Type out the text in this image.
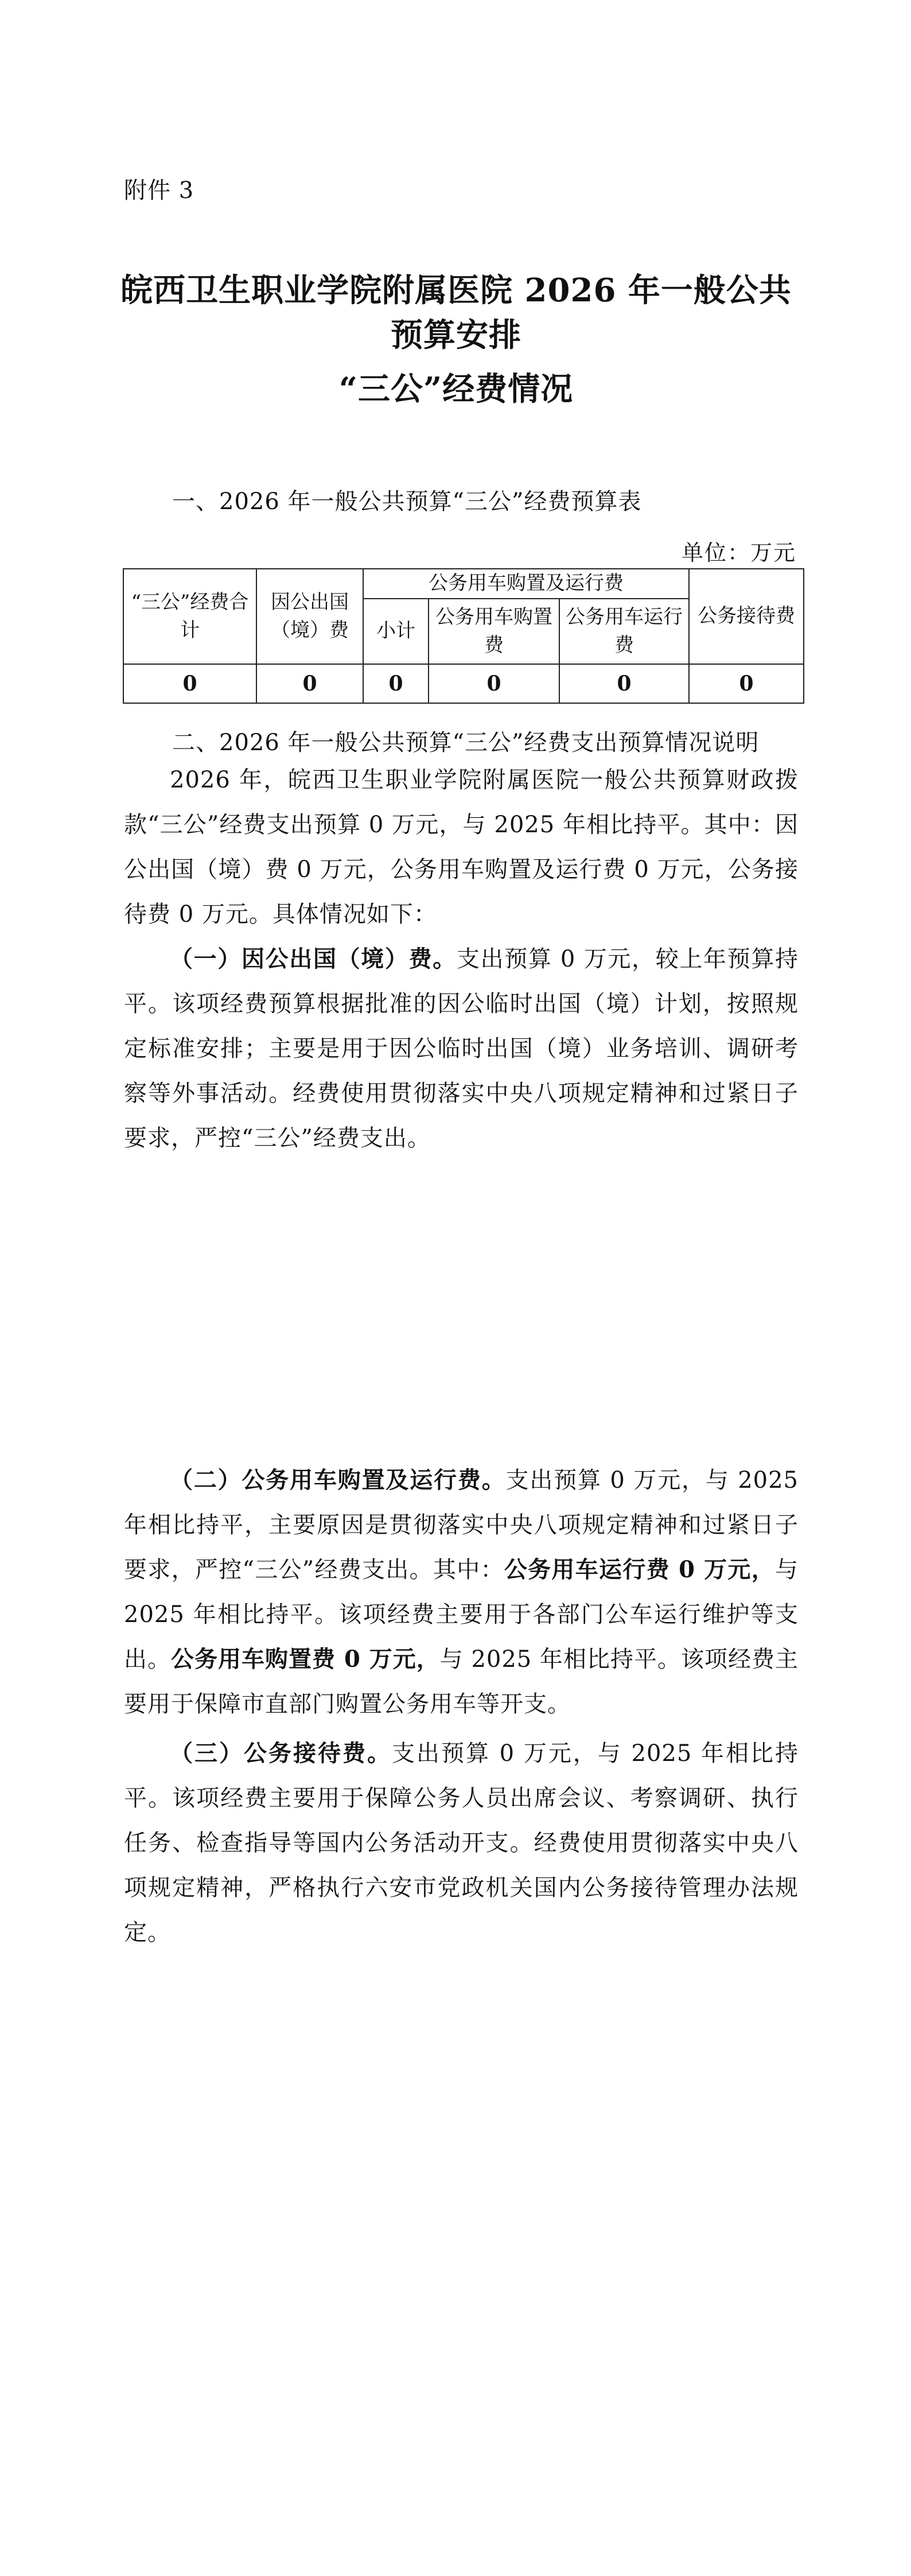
附件 3
皖西卫生职业学院附属医院 2026 年一般公共
预算安排
“三公”经费情况
一、2026 年一般公共预算“三公”经费预算表
单位：万元
“三公”经费合计	因公出国（境）费	公务用车购置及运行费			公务接待费
		小计	公务用车购置费	公务用车运行费	
0	0	0	0	0	0
二、2026 年一般公共预算“三公”经费支出预算情况说明
2026 年，皖西卫生职业学院附属医院一般公共预算财政拨款“三公”经费支出预算 0 万元，与 2025 年相比持平。其中：因公出国（境）费 0 万元，公务用车购置及运行费 0 万元，公务接待费 0 万元。具体情况如下：
（一）因公出国（境）费。支出预算 0 万元，较上年预算持平。该项经费预算根据批准的因公临时出国（境）计划，按照规定标准安排；主要是用于因公临时出国（境）业务培训、调研考察等外事活动。经费使用贯彻落实中央八项规定精神和过紧日子要求，严控“三公”经费支出。
（二）公务用车购置及运行费。支出预算 0 万元，与 2025 年相比持平，主要原因是贯彻落实中央八项规定精神和过紧日子要求，严控“三公”经费支出。其中：公务用车运行费 0 万元，与 2025 年相比持平。该项经费主要用于各部门公车运行维护等支出。公务用车购置费 0 万元，与 2025 年相比持平。该项经费主要用于保障市直部门购置公务用车等开支。
（三）公务接待费。支出预算 0 万元，与 2025 年相比持平。该项经费主要用于保障公务人员出席会议、考察调研、执行任务、检查指导等国内公务活动开支。经费使用贯彻落实中央八项规定精神，严格执行六安市党政机关国内公务接待管理办法规定。
